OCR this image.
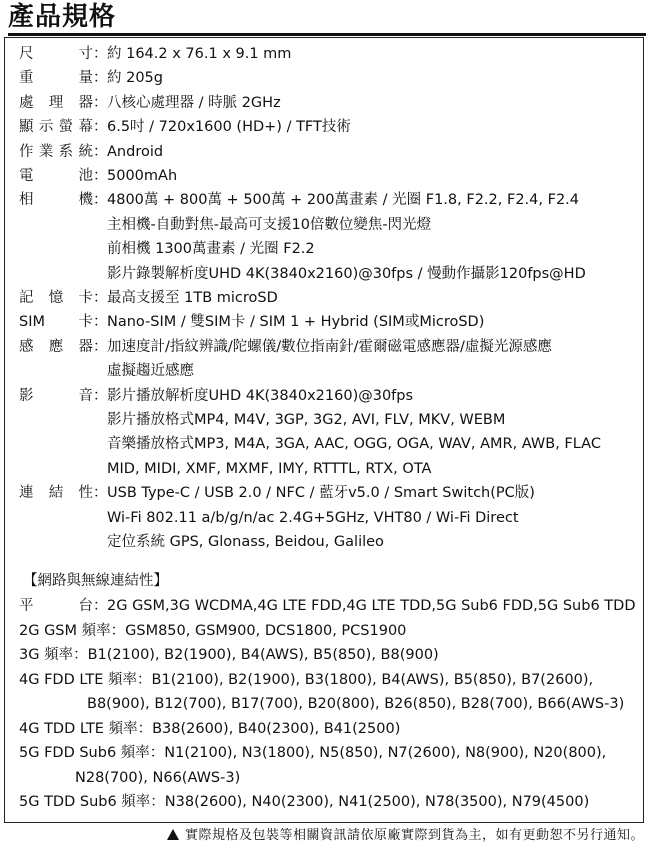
產品規格
尺寸：約 164.2 x 76.1 x 9.1 mm
重量：約 205g
處理器：八核心處理器 / 時脈 2GHz
顯示螢幕：6.5吋 / 720x1600 (HD+) / TFT技術
作業系統：Android
電池：5000mAh
相機：4800萬 + 800萬 + 500萬 + 200萬畫素 / 光圈 F1.8, F2.2, F2.4, F2.4
主相機-自動對焦-最高可支援10倍數位變焦-閃光燈
前相機 1300萬畫素 / 光圈 F2.2
影片錄製解析度UHD 4K(3840x2160)@30fps / 慢動作攝影120fps@HD
記憶卡：最高支援至 1TB microSD
SIM卡：Nano-SIM / 雙SIM卡 / SIM 1 + Hybrid (SIM或MicroSD)
感應器：加速度計/指紋辨識/陀螺儀/數位指南針/霍爾磁電感應器/虛擬光源感應
虛擬趨近感應
影音：影片播放解析度UHD 4K(3840x2160)@30fps
影片播放格式MP4, M4V, 3GP, 3G2, AVI, FLV, MKV, WEBM
音樂播放格式MP3, M4A, 3GA, AAC, OGG, OGA, WAV, AMR, AWB, FLAC
MID, MIDI, XMF, MXMF, IMY, RTTTL, RTX, OTA
連結性：USB Type-C / USB 2.0 / NFC / 藍牙v5.0 / Smart Switch(PC版)
Wi-Fi 802.11 a/b/g/n/ac 2.4G+5GHz, VHT80 / Wi-Fi Direct
定位系統 GPS, Glonass, Beidou, Galileo
【網路與無線連結性】
平台：2G GSM,3G WCDMA,4G LTE FDD,4G LTE TDD,5G Sub6 FDD,5G Sub6 TDD
2G GSM 頻率：GSM850, GSM900, DCS1800, PCS1900
3G 頻率：B1(2100), B2(1900), B4(AWS), B5(850), B8(900)
4G FDD LTE 頻率：B1(2100), B2(1900), B3(1800), B4(AWS), B5(850), B7(2600),
B8(900), B12(700), B17(700), B20(800), B26(850), B28(700), B66(AWS-3)
4G TDD LTE 頻率：B38(2600), B40(2300), B41(2500)
5G FDD Sub6 頻率：N1(2100), N3(1800), N5(850), N7(2600), N8(900), N20(800),
N28(700), N66(AWS-3)
5G TDD Sub6 頻率：N38(2600), N40(2300), N41(2500), N78(3500), N79(4500)
實際規格及包裝等相關資訊請依原廠實際到貨為主，如有更動恕不另行通知。
